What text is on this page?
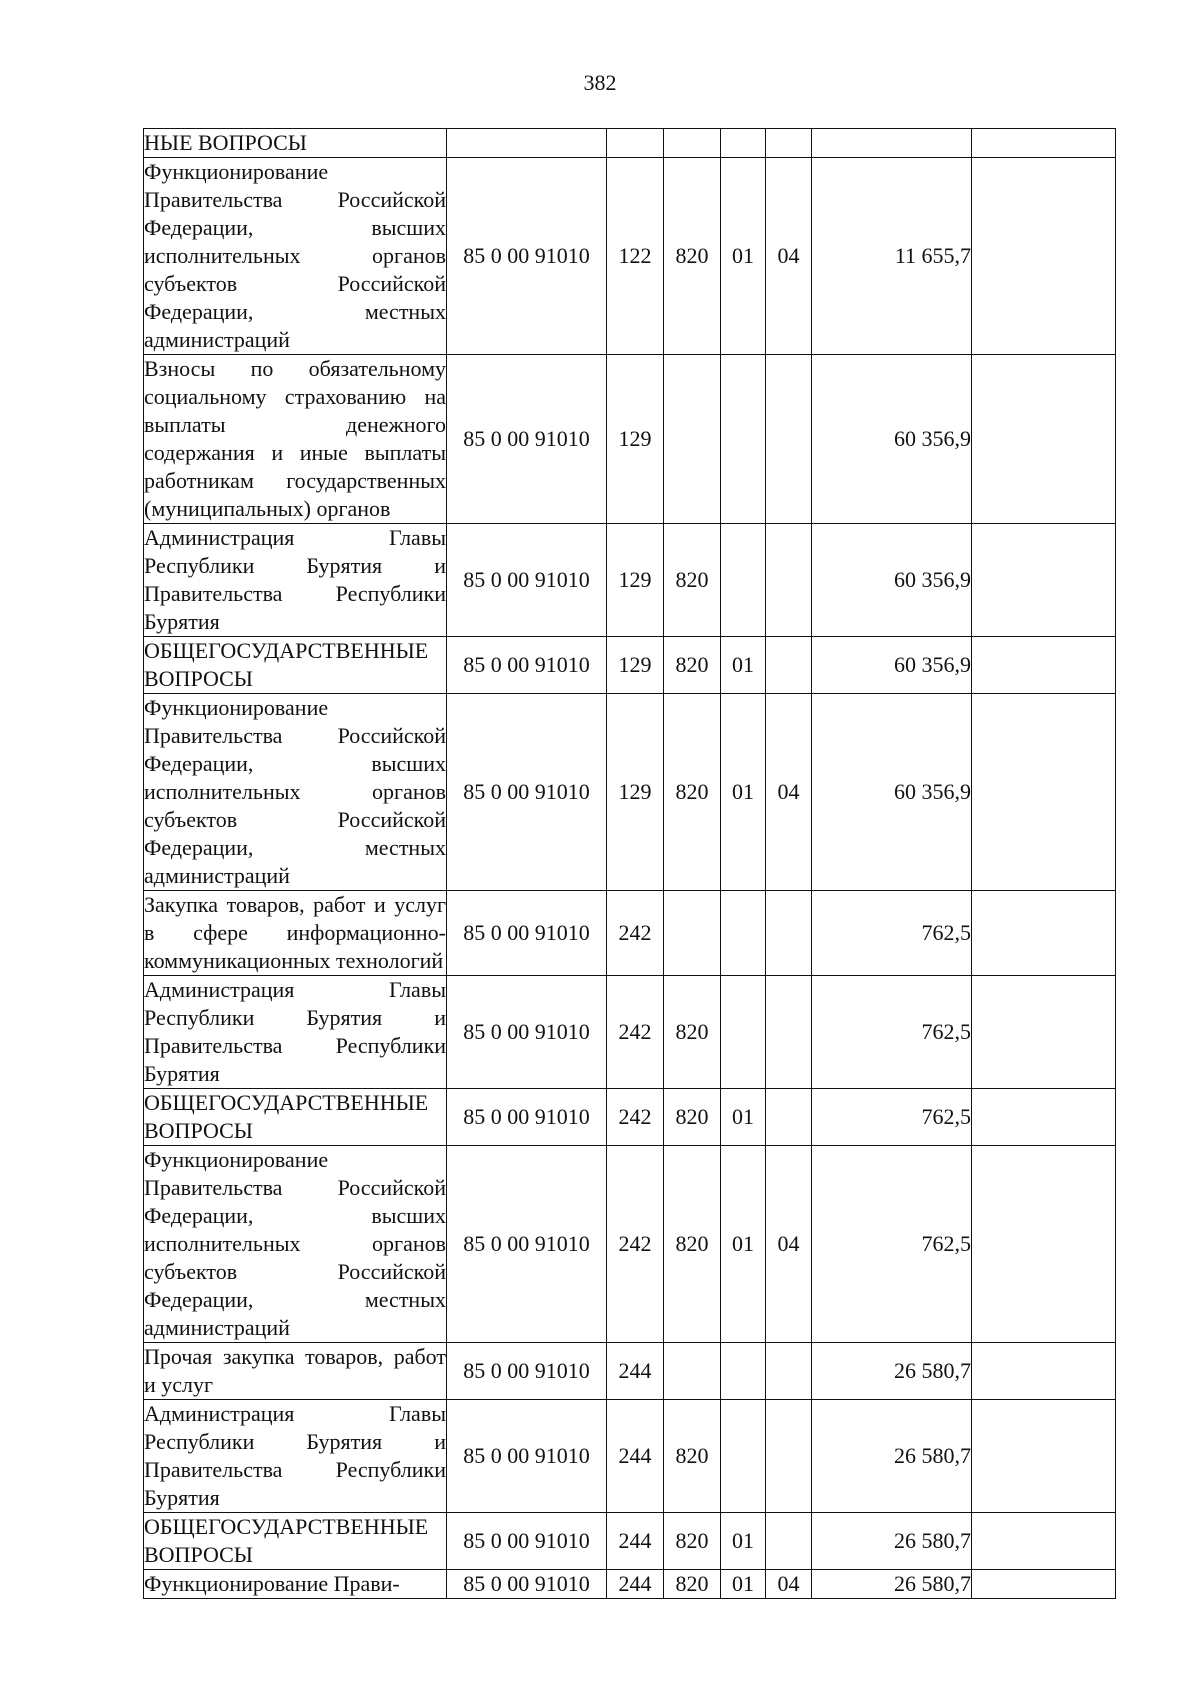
382
НЫЕ ВОПРОСЫ							
Функционирование Правительства Российской Федерации, высших исполнительных органов субъектов Российской Федерации, местных администраций	85 0 00 91010	122	820	01	04	11 655,7	
Взносы по обязательному социальному страхованию на выплаты денежного содержания и иные выплаты работникам государственных (муниципальных) органов	85 0 00 91010	129				60 356,9	
Администрация Главы Республики Бурятия и Правительства Республики Бурятия	85 0 00 91010	129	820			60 356,9	
ОБЩЕГОСУДАРСТВЕННЫЕ ВОПРОСЫ	85 0 00 91010	129	820	01		60 356,9	
Функционирование Правительства Российской Федерации, высших исполнительных органов субъектов Российской Федерации, местных администраций	85 0 00 91010	129	820	01	04	60 356,9	
Закупка товаров, работ и услуг в сфере информационно-коммуникационных технологий	85 0 00 91010	242				762,5	
Администрация Главы Республики Бурятия и Правительства Республики Бурятия	85 0 00 91010	242	820			762,5	
ОБЩЕГОСУДАРСТВЕННЫЕ ВОПРОСЫ	85 0 00 91010	242	820	01		762,5	
Функционирование Правительства Российской Федерации, высших исполнительных органов субъектов Российской Федерации, местных администраций	85 0 00 91010	242	820	01	04	762,5	
Прочая закупка товаров, работ и услуг	85 0 00 91010	244				26 580,7	
Администрация Главы Республики Бурятия и Правительства Республики Бурятия	85 0 00 91010	244	820			26 580,7	
ОБЩЕГОСУДАРСТВЕННЫЕ ВОПРОСЫ	85 0 00 91010	244	820	01		26 580,7	
Функционирование Прави-	85 0 00 91010	244	820	01	04	26 580,7	
